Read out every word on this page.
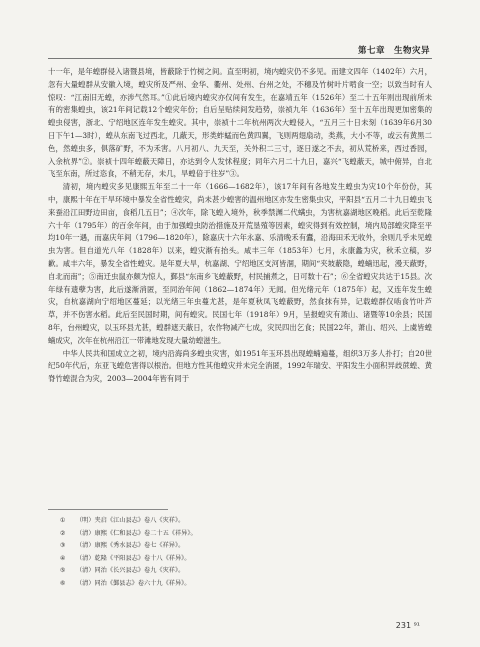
第七章　生物灾异

十一年，是年蝗群侵入诸暨县境，皆蔽除于竹树之间。直至明初，境内蝗灾仍不多见。而建文四年（1402年）六月，忽有大量蝗群从安徽入境，蝗灾所及严州、金华、衢州、处州、台州之处，不穗及竹树叶片啃食一空；以致当时有人惊叹：“江南旧无蝗，亦涉气然耳。”①此后境内蝗灾亦仅间有发生，在嘉靖五年（1526年）至二十五年则出现前所未有的密集蝗虫，该21年间记载12个蝗灾年份；自后呈贴续间发趋势，崇祯九年（1636年）至十五年出现更加密集的蝗虫侵害，浙北、宁绍地区连年发生蝗灾。其中，崇祯十二年杭州两次大蝗侵入，“五月三十日未刻（1639年6月30日下午1—3时），蝗从东南飞过西北，几蔽天，形类蚱蜢而色黄四翼，飞则两翅扇动，类燕，大小不等，或云有黄黑二色，然蝗虫多，俱落矿野，不为禾害。八月初八、九天至，关外积二三寸，逐日遂之不去，初从荒桥来，西过香园，入余杭界”②。崇祯十四年蝗蔽天障日，亦达到令人发怵程度；同年六月二十九日，嘉兴“飞蝗蔽天，城中俯异，自北飞至东南，所过恣食，不稍无存，未几，旱蝗倍于往岁”③。

清初，境内蝗灾多见康熙五年至二十一年（1666—1682年），该17年间有各地发生蝗虫为灾10个年份份，其中，康熙十年在干旱环境中暴发全省性蝗灾，尚未甚少蝗害的温州地区亦发生密集虫灾，平阳县“五月二十九日蝗虫飞来蚕沿江田野边田亩，食稻几五日”；④次年，除飞蝗入境外，秋季禁渊二代螨虫，为害杭嘉湖地区晚稻。此后至乾隆六十年（1795年）的百余年间，由于加强蝗虫防治措施及开荒垦殖等因素，蝗灾得到有效控制，境内局部蝗灾降至平均10年一遇，而嘉庆年间（1796—1820年），除嘉庆十六年永嘉、乐清晚禾有蠹，沿海田禾无收外，余则几乎未见蝗虫为害。但自道光八年（1828年）以来，蝗灾渐有抬头。咸丰三年（1853年）七月，永康蠡为灾，秋禾立稿，岁歉。咸丰六年，暴发全省性蝗灾。是年夏大旱，杭嘉湖、宁绍地区支河皆涸，期间“夹坡蔽隐，蝗蝻迅起，漫天蔽野，自北而南”；⑤南迁虫鼠亦颇为惊人，鄞县“东南乡飞蝗蔽野，村民捕煮之，日可数十石”；⑥全省蝗灾共达于15县。次年绿有遗孽为害，此后遂渐消匿，至同治年间（1862—1874年）无闻。但光绪元年（1875年）起，又连年发生蝗灾，自杭嘉湖向宁绍地区蔓延；以光绪三年虫蔓尤甚，是年夏秋凤飞蝗蔽野，然食抹有异，记载蝗群仅啮食竹叶芦草，并不伤害水稻。此后至民国时期，间有蝗灾。民国七年（1918年）9月，呈报蝗灾有萧山、诸暨等10余县；民国8年，台州蝗灾，以玉环县尤甚，蝗群遮天蔽日，农作物减产七成，灾民四出乞食；民国22年，萧山、绍兴、上虞皆蝗蝻成灾，次年在杭州沿江一带滩地发现大量幼蝗滋生。

中华人民共和国成立之初，境内沿海尚多蝗虫灾害，如1951年玉环县出现蝗蝻遍蔓，组织3万多人扑打；自20世纪50年代后，东亚飞蝗危害得以根治。但地方性其他蝗灾并未完全消匿，1992年瑞安、平阳发生小面积异歧蔗蝗、黄脊竹蝗混合为灾，2003—2004年皆有同于

① （明）夹启《江山县志》卷八《灾祥》。
② （清）康熙《仁和县志》卷二十五《祥异》。
③ （清）康熙《秀水县志》卷七《祥异》。
④ （清）乾隆《平阳县志》卷十八《祥异》。
⑤ （清）同治《长兴县志》卷九《灾祥》。
⑥ （清）同治《鄞县志》卷六十九《祥异》。
231 ⁹¹
